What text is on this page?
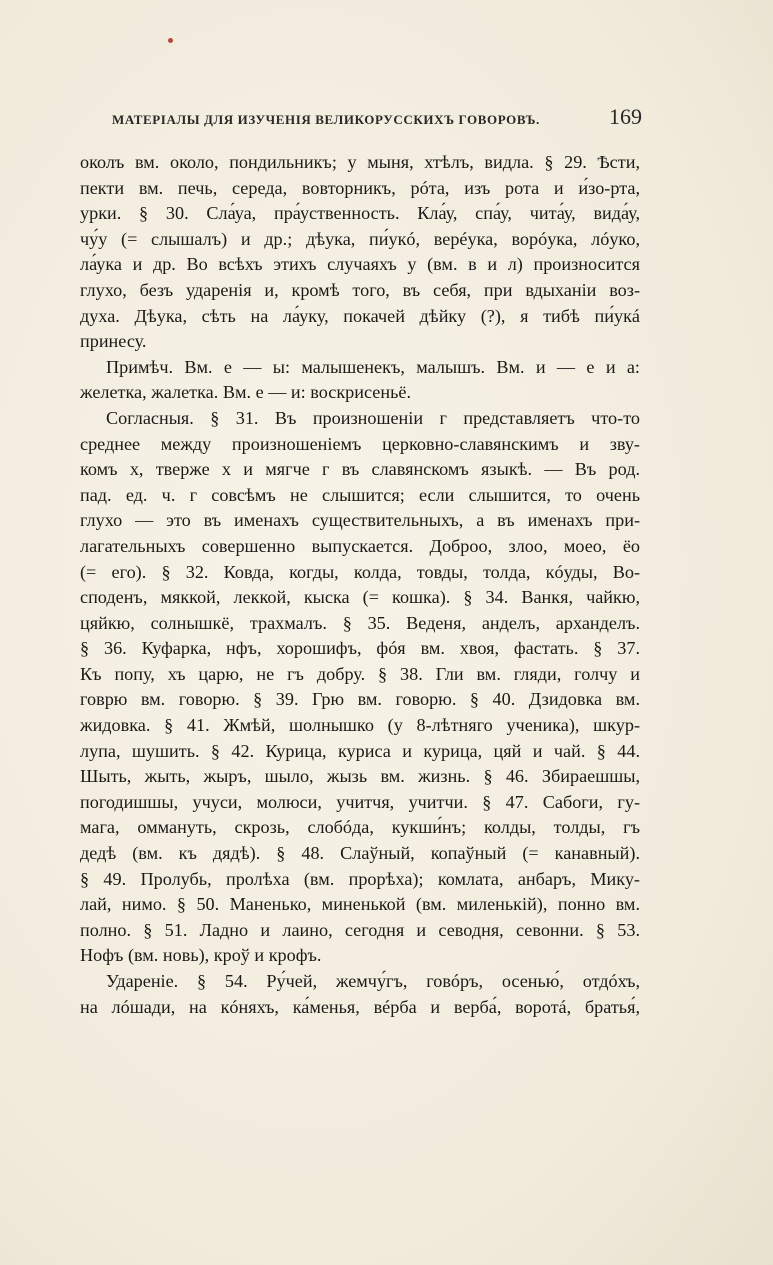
МАТЕРІАЛЫ ДЛЯ ИЗУЧЕНІЯ ВЕЛИКОРУССКИХЪ ГОВОРОВЪ.	169
околъ вм. около, пондильникъ; у мыня, хтѣлъ, видла. § 29. Ѣсти,
пекти вм. печь, середа, вовторникъ, рóта, изъ рота и и́зо-рта,
урки. § 30. Сла́уа, пра́уственность. Кла́у, спа́у, чита́у, вида́у,
чу́у (= слышалъ) и др.; дѣука, пи́укó, верéука, ворóука, лóуко,
ла́ука и др. Во всѣхъ этихъ случаяхъ у (вм. в и л) произносится
глухо, безъ ударенія и, кромѣ того, въ себя, при вдыханіи воз-
духа. Дѣука, сѣть на ла́уку, покачей дѣйку (?), я тибѣ пи́укá
принесу.
Примѣч. Вм. е — ы: малышенекъ, малышъ. Вм. и — е и а:
желетка, жалетка. Вм. е — и: воскрисеньё.
Согласныя. § 31. Въ произношеніи г представляетъ что-то
среднее между произношеніемъ церковно-славянскимъ и зву-
комъ х, тверже х и мягче г въ славянскомъ языкѣ. — Въ род.
пад. ед. ч. г совсѣмъ не слышится; если слышится, то очень
глухо — это въ именахъ существительныхъ, а въ именахъ при-
лагательныхъ совершенно выпускается. Доброо, злоо, моео, ёо
(= его). § 32. Ковда, когды, колда, товды, толда, кóуды, Во-
споденъ, мяккой, леккой, кыска (= кошка). § 34. Ванкя, чайкю,
цяйкю, солнышкё, трахмалъ. § 35. Веденя, анделъ, арханделъ.
§ 36. Куфарка, нфъ, хорошифъ, фóя вм. хвоя, фастать. § 37.
Къ попу, хъ царю, не гъ добру. § 38. Гли вм. гляди, голчу и
говрю вм. говорю. § 39. Грю вм. говорю. § 40. Дзидовка вм.
жидовка. § 41. Жмѣй, шолнышко (у 8-лѣтняго ученика), шкур-
лупа, шушить. § 42. Курица, куриса и курица, цяй и чай. § 44.
Шыть, жыть, жыръ, шыло, жызь вм. жизнь. § 46. Збираешшы,
погодишшы, учуси, молюси, учитчя, учитчи. § 47. Сабоги, гу-
мага, оммануть, скрозь, слобóда, кукши́нъ; колды, толды, гъ
дедѣ (вм. къ дядѣ). § 48. Слаўный, копаўный (= канавный).
§ 49. Пролубь, пролѣха (вм. прорѣха); комлата, анбаръ, Мику-
лай, нимо. § 50. Маненько, миненькой (вм. миленькій), понно вм.
полно. § 51. Ладно и лаино, сегодня и севодня, севонни. § 53.
Нофъ (вм. новь), кроў и крофъ.
Удареніе. § 54. Ру́чей, жемчу́гъ, говóръ, осенью́, отдóхъ,
на лóшади, на кóняхъ, ка́менья, вéрба и верба́, воротá, братья́,
